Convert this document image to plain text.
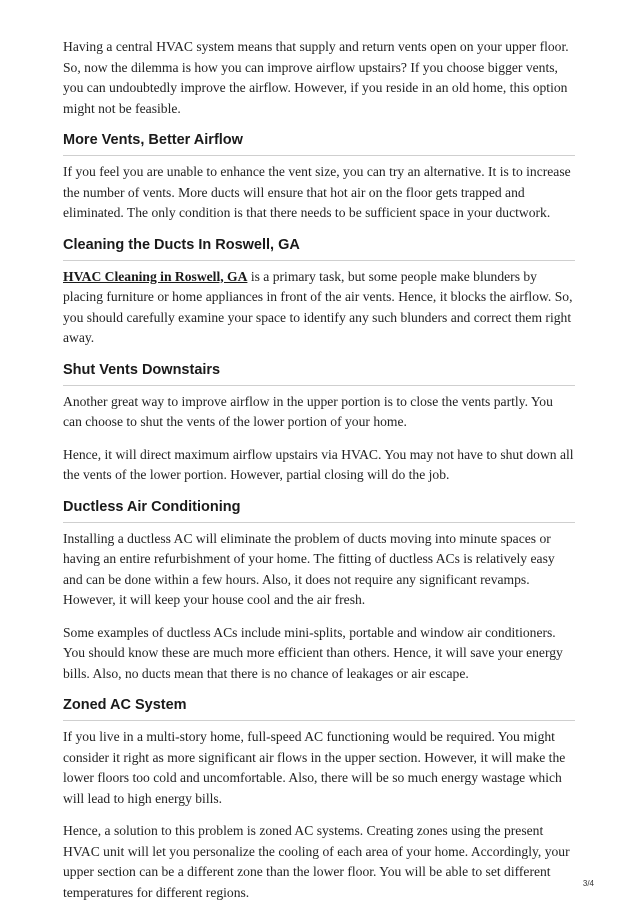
Having a central HVAC system means that supply and return vents open on your upper floor. So, now the dilemma is how you can improve airflow upstairs? If you choose bigger vents, you can undoubtedly improve the airflow. However, if you reside in an old home, this option might not be feasible.

More Vents, Better Airflow

If you feel you are unable to enhance the vent size, you can try an alternative. It is to increase the number of vents. More ducts will ensure that hot air on the floor gets trapped and eliminated. The only condition is that there needs to be sufficient space in your ductwork.

Cleaning the Ducts In Roswell, GA

HVAC Cleaning in Roswell, GA is a primary task, but some people make blunders by placing furniture or home appliances in front of the air vents. Hence, it blocks the airflow. So, you should carefully examine your space to identify any such blunders and correct them right away.

Shut Vents Downstairs

Another great way to improve airflow in the upper portion is to close the vents partly. You can choose to shut the vents of the lower portion of your home.

Hence, it will direct maximum airflow upstairs via HVAC. You may not have to shut down all the vents of the lower portion. However, partial closing will do the job.

Ductless Air Conditioning

Installing a ductless AC will eliminate the problem of ducts moving into minute spaces or having an entire refurbishment of your home. The fitting of ductless ACs is relatively easy and can be done within a few hours. Also, it does not require any significant revamps. However, it will keep your house cool and the air fresh.

Some examples of ductless ACs include mini-splits, portable and window air conditioners. You should know these are much more efficient than others. Hence, it will save your energy bills. Also, no ducts mean that there is no chance of leakages or air escape.

Zoned AC System

If you live in a multi-story home, full-speed AC functioning would be required. You might consider it right as more significant air flows in the upper section. However, it will make the lower floors too cold and uncomfortable. Also, there will be so much energy wastage which will lead to high energy bills.

Hence, a solution to this problem is zoned AC systems. Creating zones using the present HVAC unit will let you personalize the cooling of each area of your home. Accordingly, your upper section can be a different zone than the lower floor. You will be able to set different temperatures for different regions.

3/4
